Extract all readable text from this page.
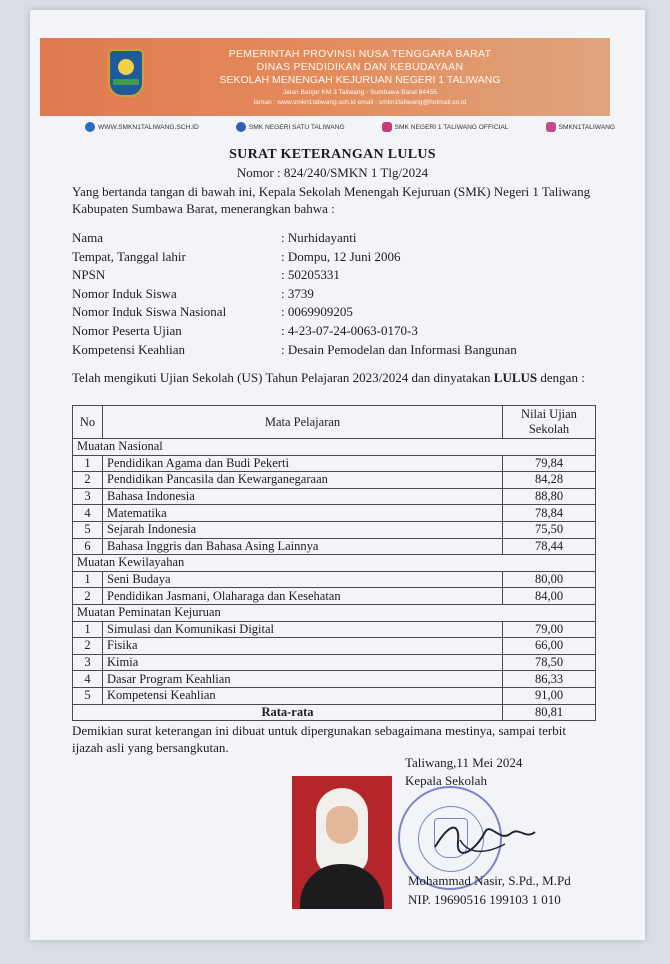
PEMERINTAH PROVINSI NUSA TENGGARA BARAT
DINAS PENDIDIKAN DAN KEBUDAYAAN
SEKOLAH MENENGAH KEJURUAN NEGERI 1 TALIWANG
Jalan Banjar KM 3 Taliwang - Sumbawa Barat 84455
laman : www.smkn1taliwang.sch.id email : smkn1taliwang@hotmail.co.id
WWW.SMKN1TALIWANG.SCH.ID	SMK NEGERI SATU TALIWANG	SMK NEGERI 1 TALIWANG OFFICIAL	SMKN1TALIWANG
SURAT KETERANGAN LULUS
Nomor : 824/240/SMKN 1 Tlg/2024
Yang bertanda tangan di bawah ini, Kepala Sekolah Menengah Kejuruan (SMK) Negeri 1 Taliwang Kabupaten Sumbawa Barat, menerangkan bahwa :
Nama	: Nurhidayanti
Tempat, Tanggal lahir	: Dompu, 12 Juni 2006
NPSN	: 50205331
Nomor Induk Siswa	: 3739
Nomor Induk Siswa Nasional	: 0069909205
Nomor Peserta Ujian	: 4-23-07-24-0063-0170-3
Kompetensi Keahlian	: Desain Pemodelan dan Informasi Bangunan
Telah mengikuti Ujian Sekolah (US) Tahun Pelajaran 2023/2024 dan dinyatakan LULUS dengan :
No	Mata Pelajaran	Nilai Ujian Sekolah
Muatan Nasional		
1	Pendidikan Agama dan Budi Pekerti	79,84
2	Pendidikan Pancasila dan Kewarganegaraan	84,28
3	Bahasa Indonesia	88,80
4	Matematika	78,84
5	Sejarah Indonesia	75,50
6	Bahasa Inggris dan Bahasa Asing Lainnya	78,44
Muatan Kewilayahan		
1	Seni Budaya	80,00
2	Pendidikan Jasmani, Olaharaga dan Kesehatan	84,00
Muatan Peminatan Kejuruan		
1	Simulasi dan Komunikasi Digital	79,00
2	Fisika	66,00
3	Kimia	78,50
4	Dasar Program Keahlian	86,33
5	Kompetensi Keahlian	91,00
Rata-rata		80,81
Demikian surat keterangan ini dibuat untuk dipergunakan sebagaimana mestinya, sampai terbit ijazah asli yang bersangkutan.
Taliwang,11 Mei 2024
Kepala Sekolah
Mohammad Nasir, S.Pd., M.Pd
NIP. 19690516 199103 1 010
